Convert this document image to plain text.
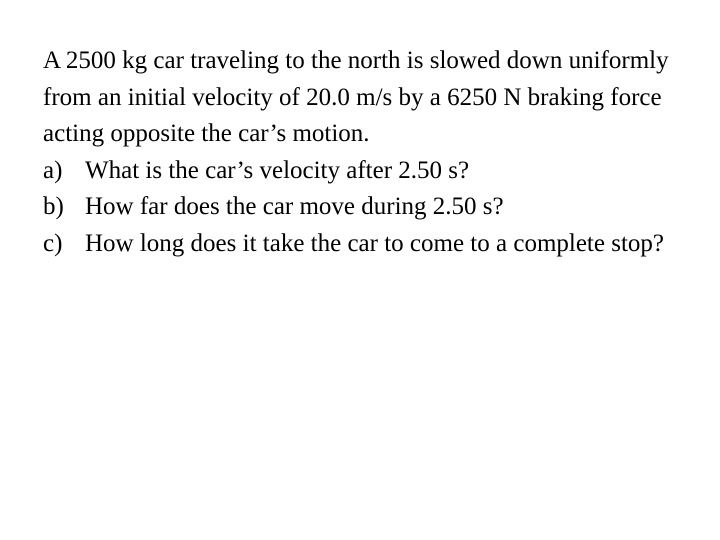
A 2500 kg car traveling to the north is slowed down uniformly from an initial velocity of 20.0 m/s by a 6250 N braking force acting opposite the car’s motion.

a) What is the car’s velocity after 2.50 s?
b) How far does the car move during 2.50 s?
c) How long does it take the car to come to a complete stop?
